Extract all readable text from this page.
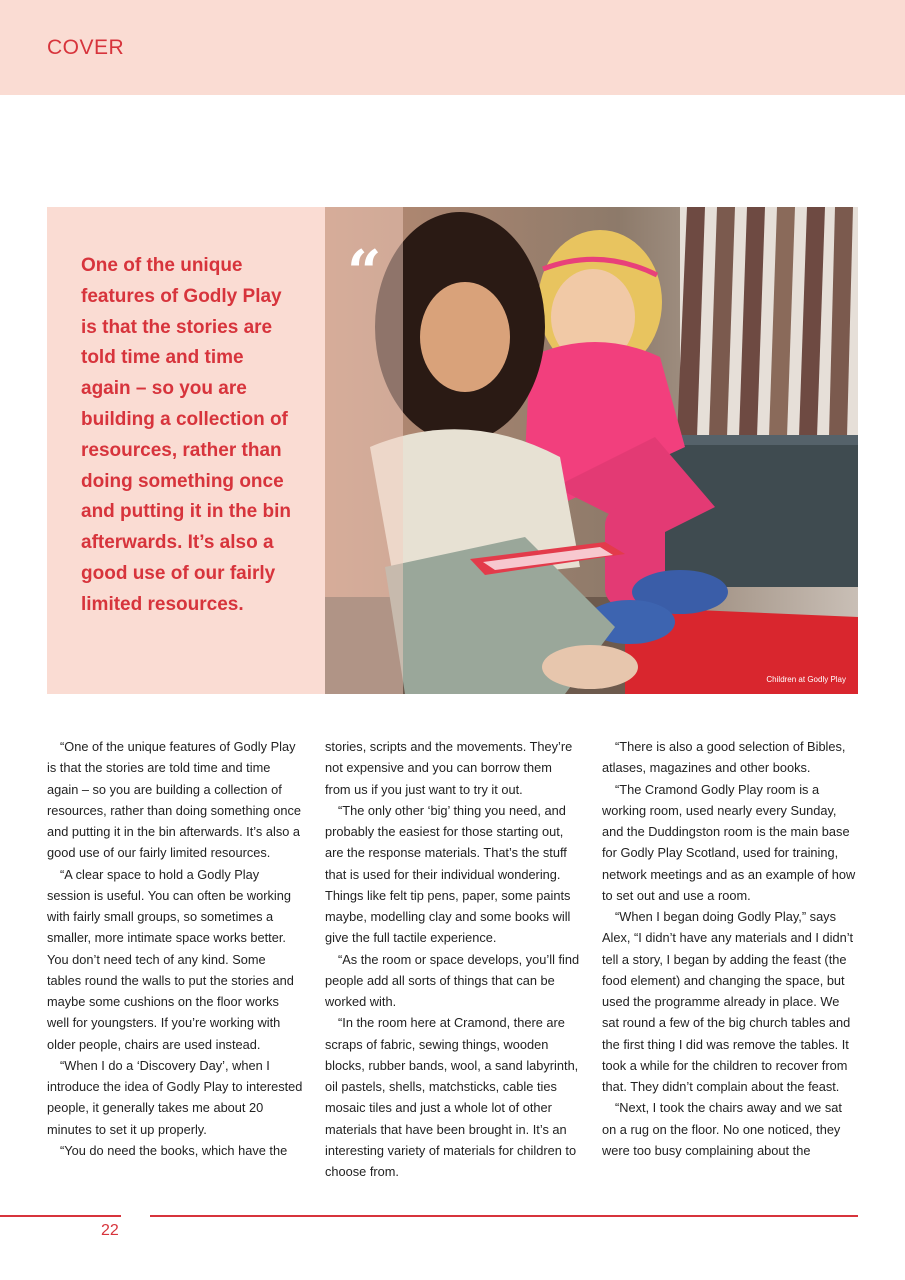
COVER

One of the unique features of Godly Play is that the stories are told time and time again – so you are building a collection of resources, rather than doing something once and putting it in the bin afterwards. It’s also a good use of our fairly limited resources.

“
Children at Godly Play

“One of the unique features of Godly Play is that the stories are told time and time again – so you are building a collection of resources, rather than doing something once and putting it in the bin afterwards. It’s also a good use of our fairly limited resources.

“A clear space to hold a Godly Play session is useful. You can often be working with fairly small groups, so sometimes a smaller, more intimate space works better. You don’t need tech of any kind. Some tables round the walls to put the stories and maybe some cushions on the floor works well for youngsters. If you’re working with older people, chairs are used instead.

“When I do a ‘Discovery Day’, when I introduce the idea of Godly Play to interested people, it generally takes me about 20 minutes to set it up properly.

“You do need the books, which have the

stories, scripts and the movements. They’re not expensive and you can borrow them from us if you just want to try it out.

“The only other ‘big’ thing you need, and probably the easiest for those starting out, are the response materials. That’s the stuff that is used for their individual wondering. Things like felt tip pens, paper, some paints maybe, modelling clay and some books will give the full tactile experience.

“As the room or space develops, you’ll find people add all sorts of things that can be worked with.

“In the room here at Cramond, there are scraps of fabric, sewing things, wooden blocks, rubber bands, wool, a sand labyrinth, oil pastels, shells, matchsticks, cable ties mosaic tiles and just a whole lot of other materials that have been brought in. It’s an interesting variety of materials for children to choose from.

“There is also a good selection of Bibles, atlases, magazines and other books.

“The Cramond Godly Play room is a working room, used nearly every Sunday, and the Duddingston room is the main base for Godly Play Scotland, used for training, network meetings and as an example of how to set out and use a room.

“When I began doing Godly Play,” says Alex, “I didn’t have any materials and I didn’t tell a story, I began by adding the feast (the food element) and changing the space, but used the programme already in place. We sat round a few of the big church tables and the first thing I did was remove the tables. It took a while for the children to recover from that. They didn’t complain about the feast.

“Next, I took the chairs away and we sat on a rug on the floor. No one noticed, they were too busy complaining about the

22
